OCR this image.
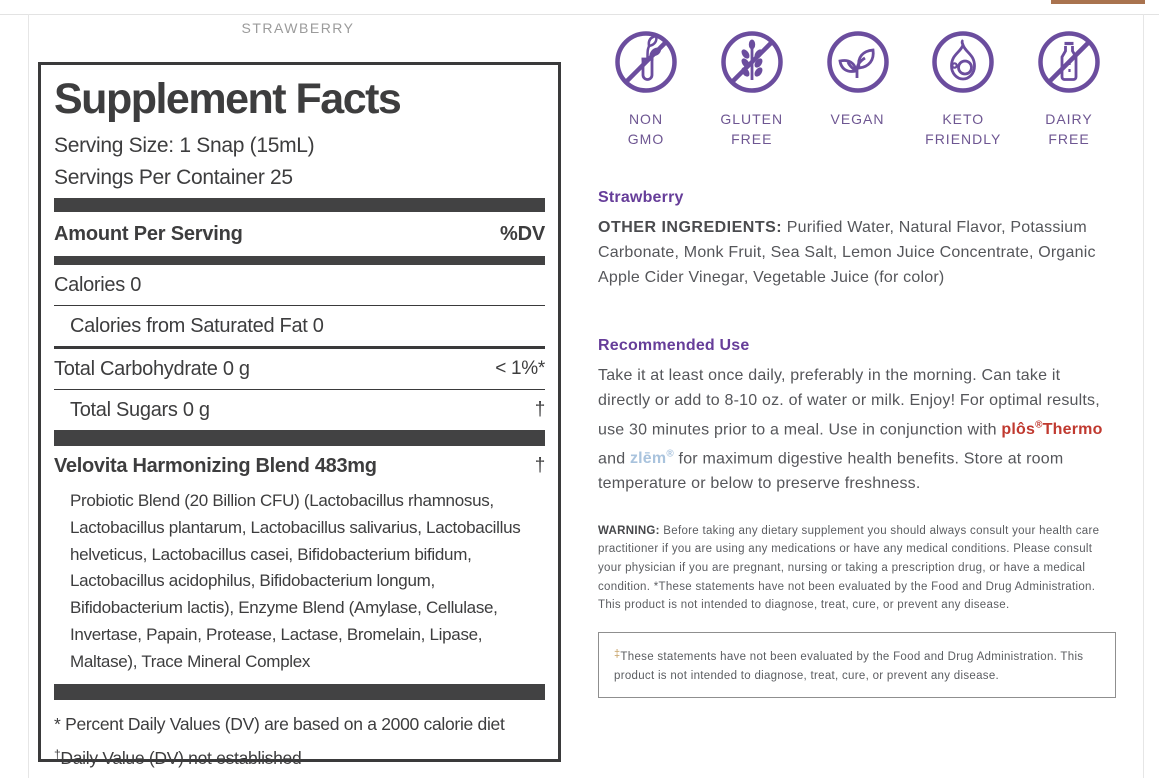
STRAWBERRY
Supplement Facts
Serving Size: 1 Snap (15mL)
Servings Per Container 25
Amount Per Serving	%DV
Calories 0
Calories from Saturated Fat 0
Total Carbohydrate 0 g	< 1%*
Total Sugars 0 g	†
Velovita Harmonizing Blend 483mg	†
Probiotic Blend (20 Billion CFU) (Lactobacillus rhamnosus, Lactobacillus plantarum, Lactobacillus salivarius, Lactobacillus helveticus, Lactobacillus casei, Bifidobacterium bifidum, Lactobacillus acidophilus, Bifidobacterium longum, Bifidobacterium lactis), Enzyme Blend (Amylase, Cellulase, Invertase, Papain, Protease, Lactase, Bromelain, Lipase, Maltase), Trace Mineral Complex
* Percent Daily Values (DV) are based on a 2000 calorie diet
†Daily Value (DV) not established
NON
GMO
GLUTEN
FREE
VEGAN	KETO
FRIENDLY
DAIRY
FREE
Strawberry
OTHER INGREDIENTS: Purified Water, Natural Flavor, Potassium Carbonate, Monk Fruit, Sea Salt, Lemon Juice Concentrate, Organic Apple Cider Vinegar, Vegetable Juice (for color)
Recommended Use
Take it at least once daily, preferably in the morning. Can take it directly or add to 8-10 oz. of water or milk. Enjoy! For optimal results, use 30 minutes prior to a meal. Use in conjunction with plôs®Thermo and zlēm® for maximum digestive health benefits. Store at room temperature or below to preserve freshness.
WARNING: Before taking any dietary supplement you should always consult your health care practitioner if you are using any medications or have any medical conditions. Please consult your physician if you are pregnant, nursing or taking a prescription drug, or have a medical condition. *These statements have not been evaluated by the Food and Drug Administration. This product is not intended to diagnose, treat, cure, or prevent any disease.
‡These statements have not been evaluated by the Food and Drug Administration. This product is not intended to diagnose, treat, cure, or prevent any disease.
